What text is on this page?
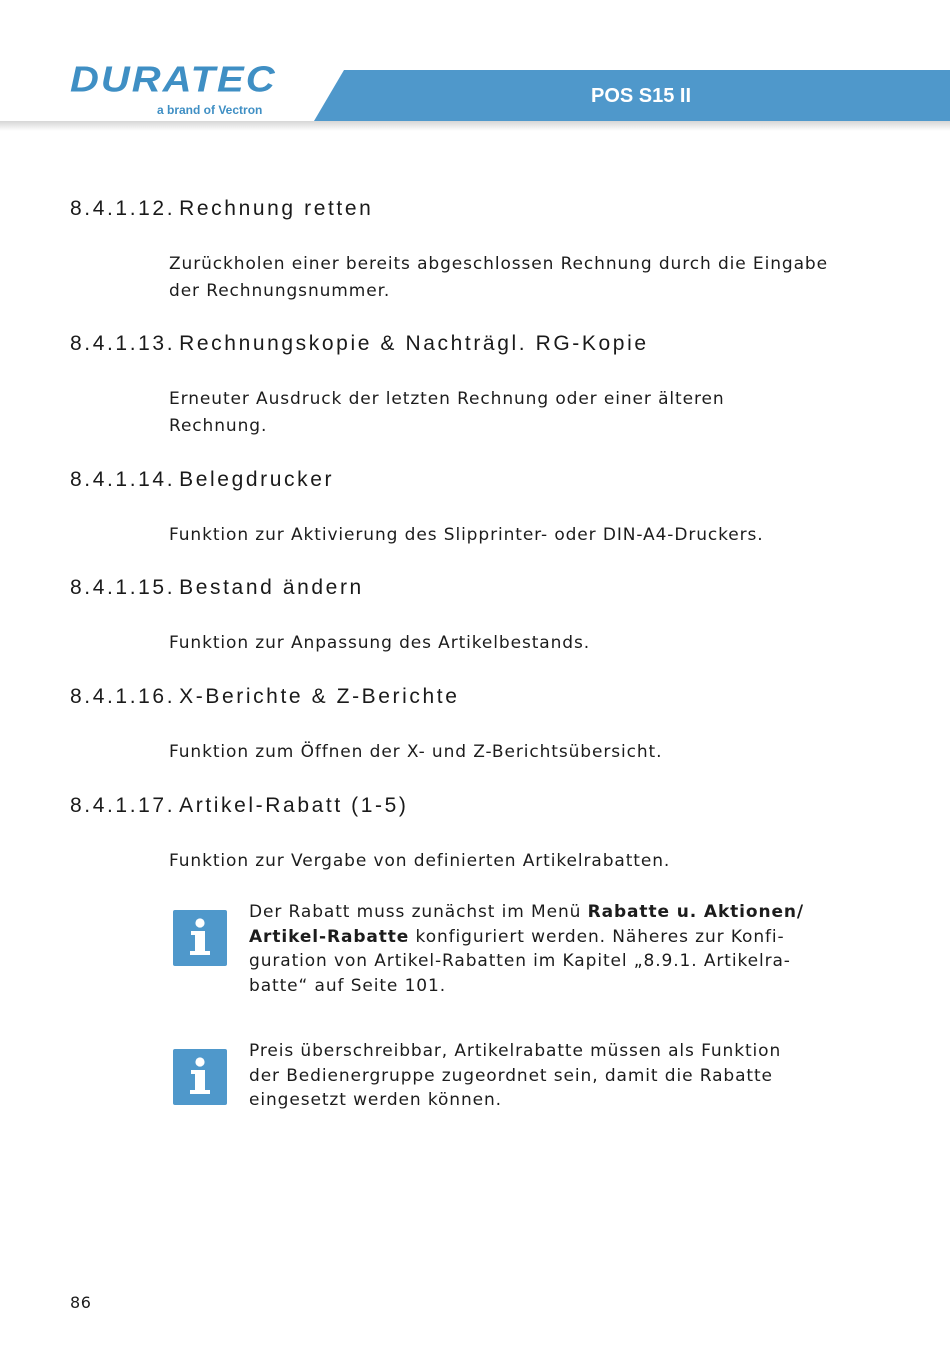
DURATEC
a brand of Vectron
POS S15 II
8.4.1.12. Rechnung retten
Zurückholen einer bereits abgeschlossen Rechnung durch die Eingabe der Rechnungsnummer.
8.4.1.13. Rechnungskopie & Nachträgl. RG-Kopie
Erneuter Ausdruck der letzten Rechnung oder einer älteren Rechnung.
8.4.1.14. Belegdrucker
Funktion zur Aktivierung des Slipprinter- oder DIN-A4-Druckers.
8.4.1.15. Bestand ändern
Funktion zur Anpassung des Artikelbestands.
8.4.1.16. X-Berichte & Z-Berichte
Funktion zum Öffnen der X- und Z-Berichtsübersicht.
8.4.1.17. Artikel-Rabatt (1-5)
Funktion zur Vergabe von definierten Artikelrabatten.
Der Rabatt muss zunächst im Menü Rabatte u. Aktionen/
Artikel-Rabatte konfiguriert werden. Näheres zur Konfi-
guration von Artikel-Rabatten im Kapitel „8.9.1. Artikelra-
batte“ auf Seite 101.
Preis überschreibbar, Artikelrabatte müssen als Funktion
der Bedienergruppe zugeordnet sein, damit die Rabatte
eingesetzt werden können.
86
